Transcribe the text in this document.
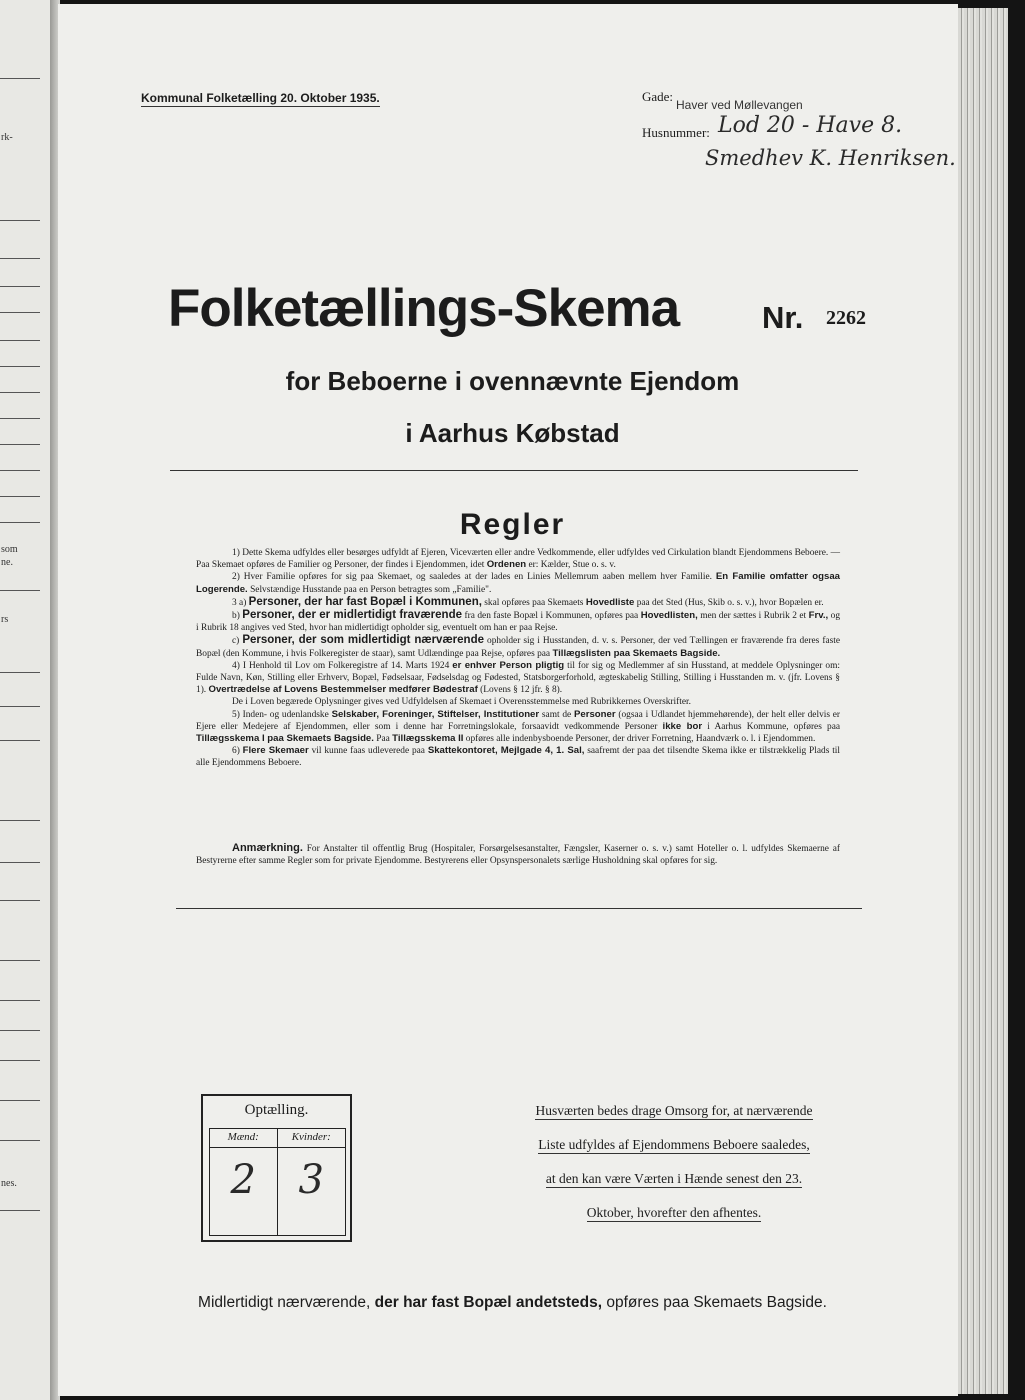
rk-
som
ne.
rs
nes.
Kommunal Folketælling 20. Oktober 1935.	Gade:
Haver ved Møllevangen
Husnummer: Lod 20 - Have 8.
Smedhev K. Henriksen.
Folketællings-Skema	Nr. 2262
for Beboerne i ovennævnte Ejendom
i Aarhus Købstad
Regler

1) Dette Skema udfyldes eller besørges udfyldt af Ejeren, Viceværten eller andre Vedkommende, eller udfyldes ved Cirkulation blandt Ejendommens Beboere. — Paa Skemaet opføres de Familier og Personer, der findes i Ejendommen, idet Ordenen er: Kælder, Stue o. s. v.

2) Hver Familie opføres for sig paa Skemaet, og saaledes at der lades en Linies Mellemrum aaben mellem hver Familie. En Familie omfatter ogsaa Logerende. Selvstændige Husstande paa en Person betragtes som „Familie".

3 a) Personer, der har fast Bopæl i Kommunen, skal opføres paa Skemaets Hovedliste paa det Sted (Hus, Skib o. s. v.), hvor Bopælen er.

b) Personer, der er midlertidigt fraværende fra den faste Bopæl i Kommunen, opføres paa Hovedlisten, men der sættes i Rubrik 2 et Frv., og i Rubrik 18 angives ved Sted, hvor han midlertidigt opholder sig, eventuelt om han er paa Rejse.

c) Personer, der som midlertidigt nærværende opholder sig i Husstanden, d. v. s. Personer, der ved Tællingen er fraværende fra deres faste Bopæl (den Kommune, i hvis Folkeregister de staar), samt Udlændinge paa Rejse, opføres paa Tillægslisten paa Skemaets Bagside.

4) I Henhold til Lov om Folkeregistre af 14. Marts 1924 er enhver Person pligtig til for sig og Medlemmer af sin Husstand, at meddele Oplysninger om: Fulde Navn, Køn, Stilling eller Erhverv, Bopæl, Fødselsaar, Fødselsdag og Fødested, Statsborgerforhold, ægteskabelig Stilling, Stilling i Husstanden m. v. (jfr. Lovens § 1). Overtrædelse af Lovens Bestemmelser medfører Bødestraf (Lovens § 12 jfr. § 8).

De i Loven begærede Oplysninger gives ved Udfyldelsen af Skemaet i Overensstemmelse med Rubrikkernes Overskrifter.

5) Inden- og udenlandske Selskaber, Foreninger, Stiftelser, Institutioner samt de Personer (ogsaa i Udlandet hjemmehørende), der helt eller delvis er Ejere eller Medejere af Ejendommen, eller som i denne har Forretningslokale, forsaavidt vedkommende Personer ikke bor i Aarhus Kommune, opføres paa Tillægsskema I paa Skemaets Bagside. Paa Tillægsskema II opføres alle indenbysboende Personer, der driver Forretning, Haandværk o. l. i Ejendommen.

6) Flere Skemaer vil kunne faas udleverede paa Skattekontoret, Mejlgade 4, 1. Sal, saafremt der paa det tilsendte Skema ikke er tilstrækkelig Plads til alle Ejendommens Beboere.

Anmærkning. For Anstalter til offentlig Brug (Hospitaler, Forsørgelsesanstalter, Fængsler, Kaserner o. s. v.) samt Hoteller o. l. udfyldes Skemaerne af Bestyrerne efter samme Regler som for private Ejendomme. Bestyrerens eller Opsynspersonalets særlige Husholdning skal opføres for sig.
Optælling.
Mænd:
2
Kvinder:
3
Husværten bedes drage Omsorg for, at nærværende
Liste udfyldes af Ejendommens Beboere saaledes,
at den kan være Værten i Hænde senest den 23.
Oktober, hvorefter den afhentes.
Midlertidigt nærværende, der har fast Bopæl andetsteds, opføres paa Skemaets Bagside.
